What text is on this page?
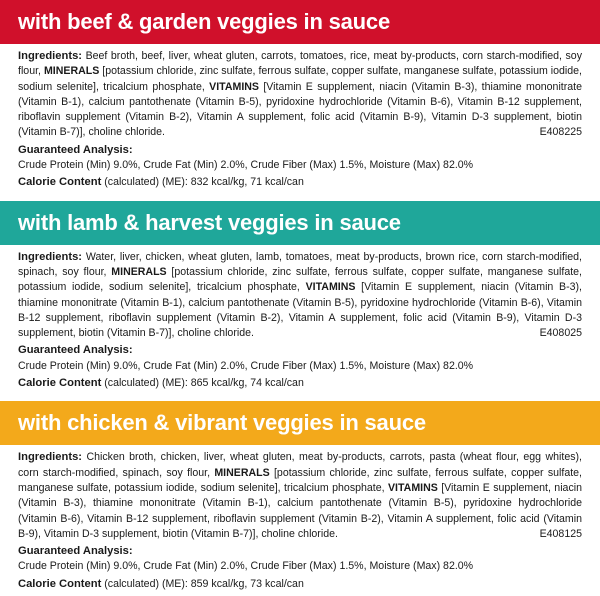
with beef & garden veggies in sauce

Ingredients: Beef broth, beef, liver, wheat gluten, carrots, tomatoes, rice, meat by-products, corn starch-modified, soy flour, MINERALS [potassium chloride, zinc sulfate, ferrous sulfate, copper sulfate, manganese sulfate, potassium iodide, sodium selenite], tricalcium phosphate, VITAMINS [Vitamin E supplement, niacin (Vitamin B-3), thiamine mononitrate (Vitamin B-1), calcium pantothenate (Vitamin B-5), pyridoxine hydrochloride (Vitamin B-6), Vitamin B-12 supplement, riboflavin supplement (Vitamin B-2), Vitamin A supplement, folic acid (Vitamin B-9), Vitamin D-3 supplement, biotin (Vitamin B-7)], choline chloride.	E408225

Guaranteed Analysis:

Crude Protein (Min) 9.0%, Crude Fat (Min) 2.0%, Crude Fiber (Max) 1.5%, Moisture (Max) 82.0%

Calorie Content (calculated) (ME): 832 kcal/kg, 71 kcal/can

with lamb & harvest veggies in sauce

Ingredients: Water, liver, chicken, wheat gluten, lamb, tomatoes, meat by-products, brown rice, corn starch-modified, spinach, soy flour, MINERALS [potassium chloride, zinc sulfate, ferrous sulfate, copper sulfate, manganese sulfate, potassium iodide, sodium selenite], tricalcium phosphate, VITAMINS [Vitamin E supplement, niacin (Vitamin B-3), thiamine mononitrate (Vitamin B-1), calcium pantothenate (Vitamin B-5), pyridoxine hydrochloride (Vitamin B-6), Vitamin B-12 supplement, riboflavin supplement (Vitamin B-2), Vitamin A supplement, folic acid (Vitamin B-9), Vitamin D-3 supplement, biotin (Vitamin B-7)], choline chloride.	E408025

Guaranteed Analysis:

Crude Protein (Min) 9.0%, Crude Fat (Min) 2.0%, Crude Fiber (Max) 1.5%, Moisture (Max) 82.0%

Calorie Content (calculated) (ME): 865 kcal/kg, 74 kcal/can

with chicken & vibrant veggies in sauce

Ingredients: Chicken broth, chicken, liver, wheat gluten, meat by-products, carrots, pasta (wheat flour, egg whites), corn starch-modified, spinach, soy flour, MINERALS [potassium chloride, zinc sulfate, ferrous sulfate, copper sulfate, manganese sulfate, potassium iodide, sodium selenite], tricalcium phosphate, VITAMINS [Vitamin E supplement, niacin (Vitamin B-3), thiamine mononitrate (Vitamin B-1), calcium pantothenate (Vitamin B-5), pyridoxine hydrochloride (Vitamin B-6), Vitamin B-12 supplement, riboflavin supplement (Vitamin B-2), Vitamin A supplement, folic acid (Vitamin B-9), Vitamin D-3 supplement, biotin (Vitamin B-7)], choline chloride.	E408125

Guaranteed Analysis:

Crude Protein (Min) 9.0%, Crude Fat (Min) 2.0%, Crude Fiber (Max) 1.5%, Moisture (Max) 82.0%

Calorie Content (calculated) (ME): 859 kcal/kg, 73 kcal/can
